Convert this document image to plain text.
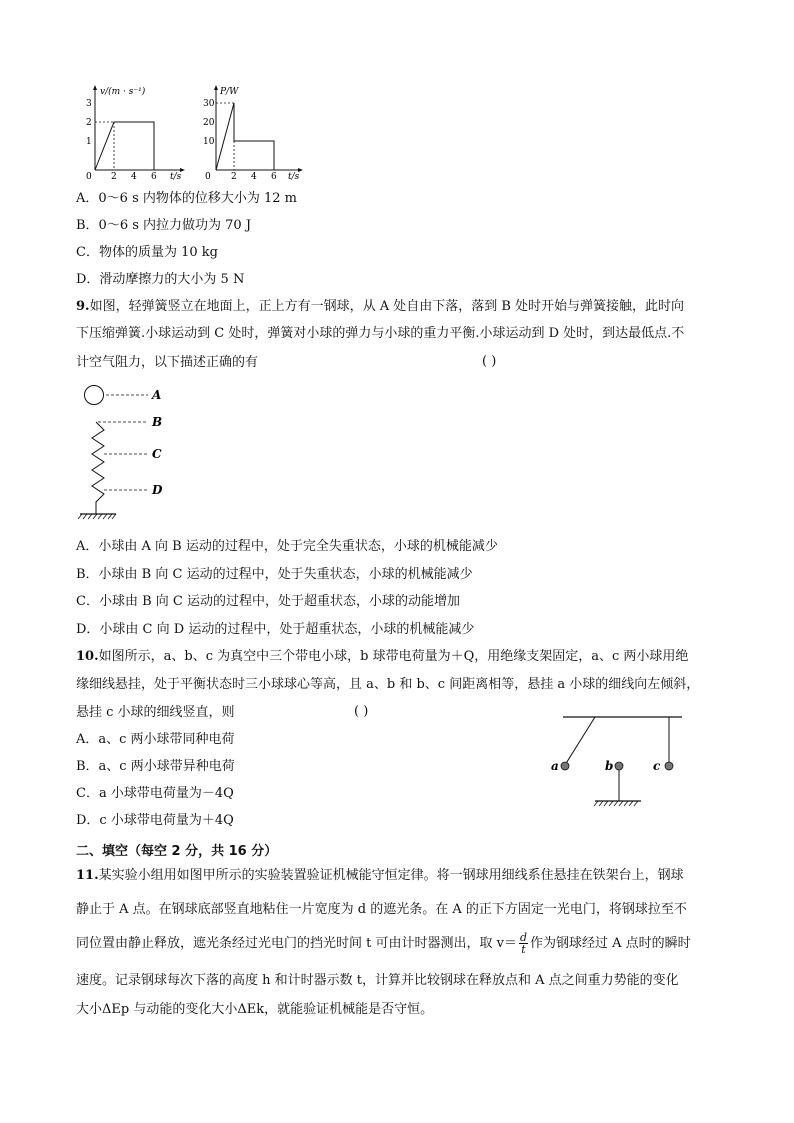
v/(m · s⁻¹)
3
2
1
0 2 4 6 t/s
P/W
30
20
10
0 2 4 6 t/s
A．0～6 s 内物体的位移大小为 12 m
B．0～6 s 内拉力做功为 70 J
C．物体的质量为 10 kg
D．滑动摩擦力的大小为 5 N
9.如图，轻弹簧竖立在地面上，正上方有一钢球，从 A 处自由下落，落到 B 处时开始与弹簧接触，此时向
下压缩弹簧.小球运动到 C 处时，弹簧对小球的弹力与小球的重力平衡.小球运动到 D 处时，到达最低点.不
计空气阻力，以下描述正确的有	( )
A
B
C
D
A．小球由 A 向 B 运动的过程中，处于完全失重状态，小球的机械能减少
B．小球由 B 向 C 运动的过程中，处于失重状态，小球的机械能减少
C．小球由 B 向 C 运动的过程中，处于超重状态，小球的动能增加
D．小球由 C 向 D 运动的过程中，处于超重状态，小球的机械能减少
10.如图所示，a、b、c 为真空中三个带电小球，b 球带电荷量为＋Q，用绝缘支架固定，a、c 两小球用绝
缘细线悬挂，处于平衡状态时三小球球心等高，且 a、b 和 b、c 间距离相等，悬挂 a 小球的细线向左倾斜，
悬挂 c 小球的细线竖直，则	( )
A．a、c 两小球带同种电荷
B．a、c 两小球带异种电荷
C．a 小球带电荷量为－4Q
D．c 小球带电荷量为＋4Q
a	c
b
二、填空（每空 2 分，共 16 分）
11.某实验小组用如图甲所示的实验装置验证机械能守恒定律。将一钢球用细线系住悬挂在铁架台上，钢球
静止于 A 点。在钢球底部竖直地粘住一片宽度为 d 的遮光条。在 A 的正下方固定一光电门，将钢球拉至不
同位置由静止释放，遮光条经过光电门的挡光时间 t 可由计时器测出，取 $v= \frac{d}{t}$ 作为钢球经过 A 点时的瞬时
速度。记录钢球每次下落的高度 h 和计时器示数 t，计算并比较钢球在释放点和 A 点之间重力势能的变化
大小ΔEp 与动能的变化大小ΔEk，就能验证机械能是否守恒。
